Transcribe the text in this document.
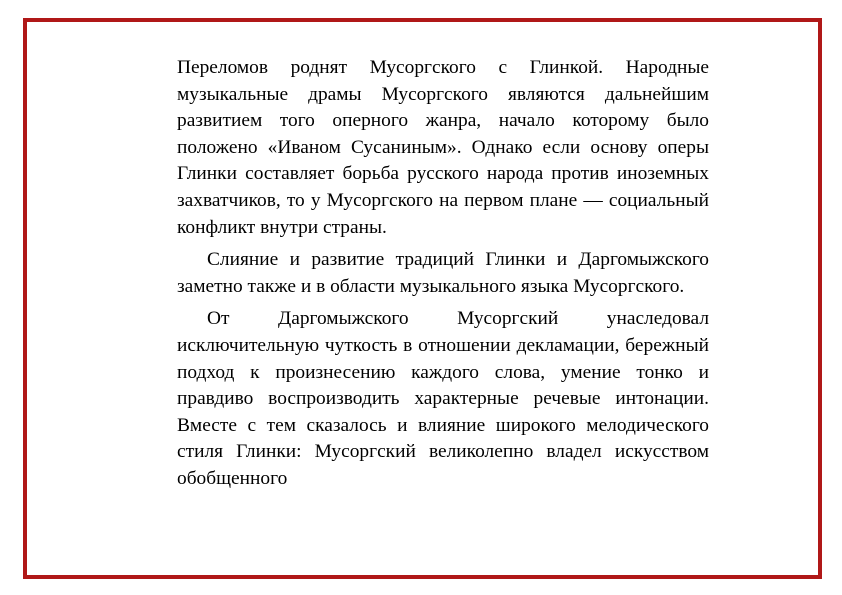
Переломов роднят Мусоргского с Глинкой. Народные музыкальные драмы Мусоргского являются дальнейшим развитием того оперного жанра, начало которому было положено «Иваном Сусаниным». Однако если основу оперы Глинки составляет борьба русского народа против иноземных захватчиков, то у Мусоргского на первом плане — социальный конфликт внутри страны.

Слияние и развитие традиций Глинки и Даргомыжского заметно также и в области музыкального языка Мусоргского.

От Даргомыжского Мусоргский унаследовал исключительную чуткость в отношении декламации, бережный подход к произнесению каждого слова, умение тонко и правдиво воспроизводить характерные речевые интонации. Вместе с тем сказалось и влияние широкого мелодического стиля Глинки: Мусоргский великолепно владел искусством обобщенного
